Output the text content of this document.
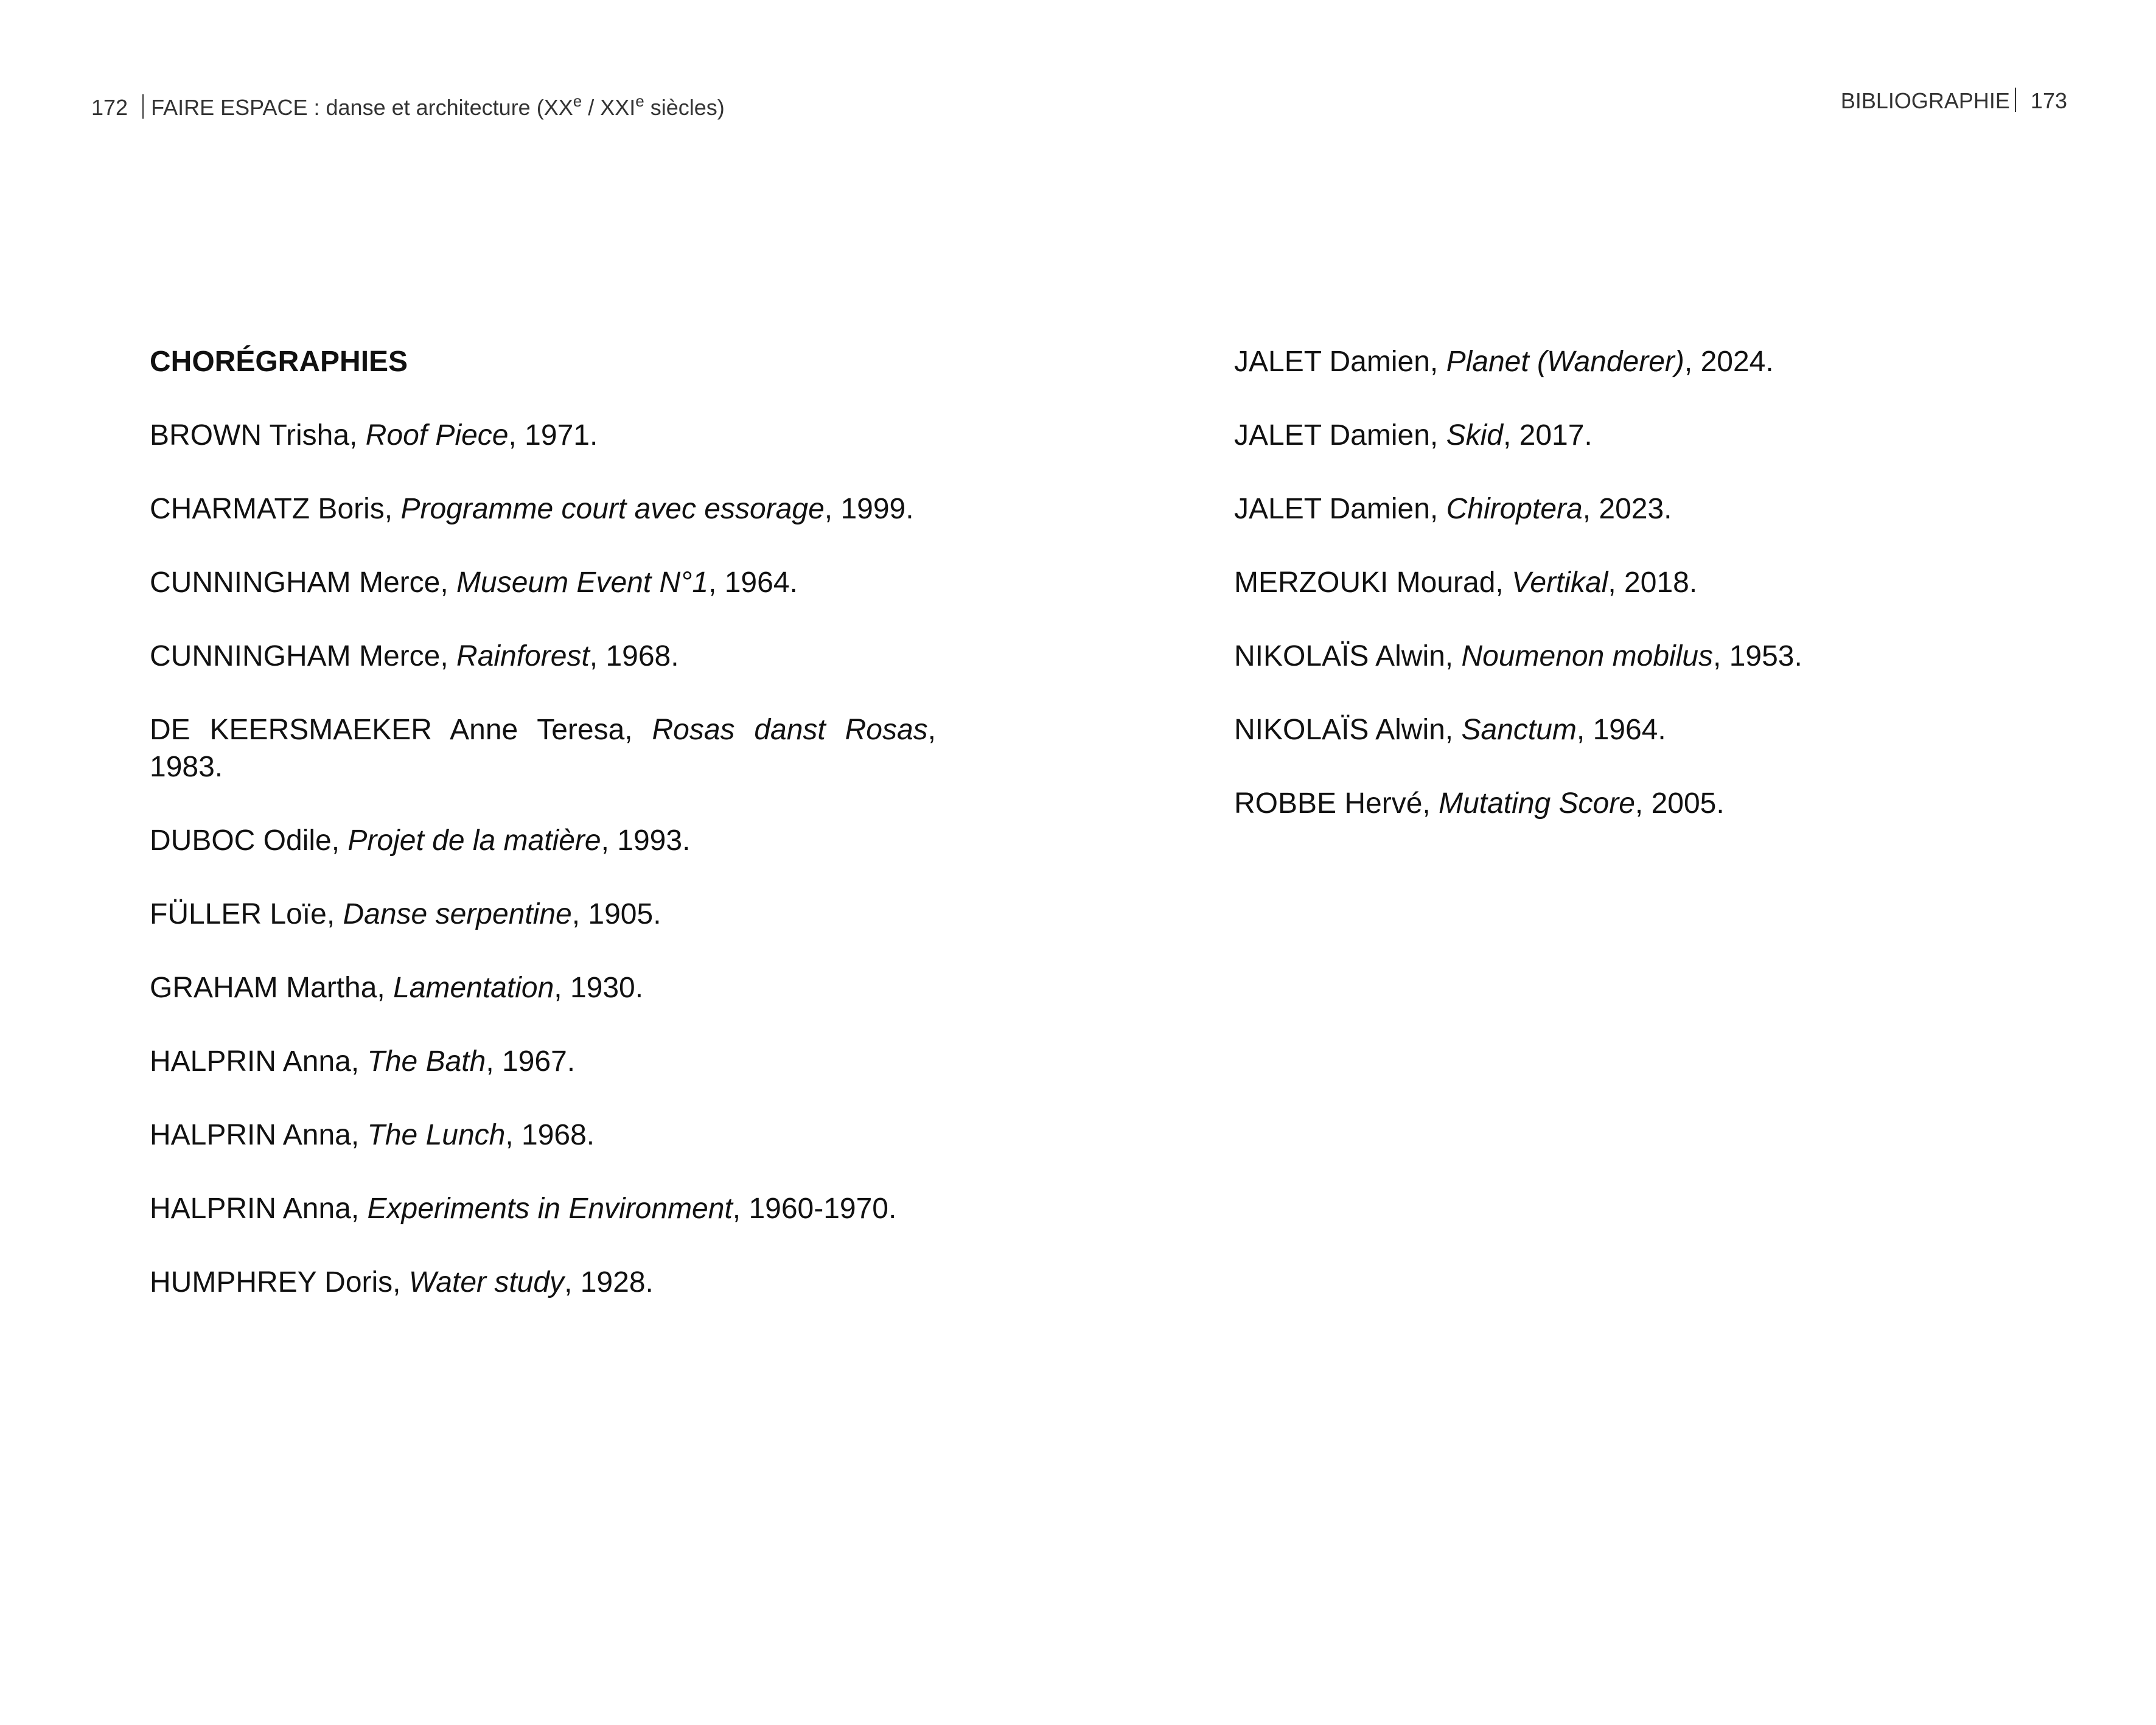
172 FAIRE ESPACE : danse et architecture (XXe / XXIe siècles)	BIBLIOGRAPHIE 173
CHORÉGRAPHIES

BROWN Trisha, Roof Piece, 1971.

CHARMATZ Boris, Programme court avec essorage, 1999.

CUNNINGHAM Merce, Museum Event N°1, 1964.

CUNNINGHAM Merce, Rainforest, 1968.

DE KEERSMAEKER Anne Teresa, Rosas danst Rosas, 1983.

DUBOC Odile, Projet de la matière, 1993.

FÜLLER Loïe, Danse serpentine, 1905.

GRAHAM Martha, Lamentation, 1930.

HALPRIN Anna, The Bath, 1967.

HALPRIN Anna, The Lunch, 1968.

HALPRIN Anna, Experiments in Environment, 1960-1970.

HUMPHREY Doris, Water study, 1928.

JALET Damien, Planet (Wanderer), 2024.

JALET Damien, Skid, 2017.

JALET Damien, Chiroptera, 2023.

MERZOUKI Mourad, Vertikal, 2018.

NIKOLAÏS Alwin, Noumenon mobilus, 1953.

NIKOLAÏS Alwin, Sanctum, 1964.

ROBBE Hervé, Mutating Score, 2005.
